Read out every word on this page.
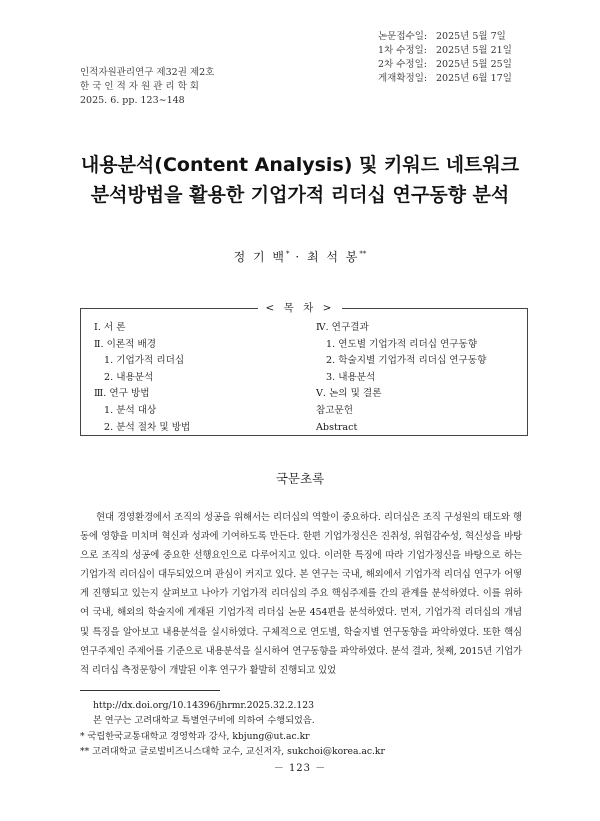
인적자원관리연구 제32권 제2호
한 국 인 적 자 원 관 리 학 회
2025. 6. pp. 123∼148
논문접수일: 2025년 5월 7일
1차 수정일: 2025년 5월 21일
2차 수정일: 2025년 5월 25일
게재확정일: 2025년 6월 17일
내용분석(Content Analysis) 및 키워드 네트워크
분석방법을 활용한 기업가적 리더십 연구동향 분석
정 기 백* · 최 석 봉**
< 목 차 >
Ⅰ. 서 론
Ⅱ. 이론적 배경
1. 기업가적 리더십
2. 내용분석
Ⅲ. 연구 방법
1. 분석 대상
2. 분석 절차 및 방법
Ⅳ. 연구결과
1. 연도별 기업가적 리더십 연구동향
2. 학술지별 기업가적 리더십 연구동향
3. 내용분석
Ⅴ. 논의 및 결론
참고문헌
Abstract
국문초록
현대 경영환경에서 조직의 성공을 위해서는 리더십의 역할이 중요하다. 리더십은 조직 구성원의 태도와 행동에 영향을 미치며 혁신과 성과에 기여하도록 만든다. 한편 기업가정신은 진취성, 위험감수성, 혁신성을 바탕으로 조직의 성공에 중요한 선행요인으로 다루어지고 있다. 이러한 특징에 따라 기업가정신을 바탕으로 하는 기업가적 리더십이 대두되었으며 관심이 커지고 있다. 본 연구는 국내, 해외에서 기업가적 리더십 연구가 어떻게 진행되고 있는지 살펴보고 나아가 기업가적 리더십의 주요 핵심주제를 간의 관계를 분석하였다. 이를 위하여 국내, 해외의 학술지에 게재된 기업가적 리더십 논문 454편을 분석하였다. 먼저, 기업가적 리더십의 개념 및 특징을 알아보고 내용분석을 실시하였다. 구체적으로 연도별, 학술지별 연구동향을 파악하였다. 또한 핵심 연구주제인 주제어를 기준으로 내용분석을 실시하여 연구동향을 파악하였다. 분석 결과, 첫째, 2015년 기업가적 리더십 측정문항이 개발된 이후 연구가 활발히 진행되고 있었
http://dx.doi.org/10.14396/jhrmr.2025.32.2.123
본 연구는 고려대학교 특별연구비에 의하여 수행되었음.
* 국립한국교통대학교 경영학과 강사, kbjung@ut.ac.kr
** 고려대학교 글로벌비즈니스대학 교수, 교신저자, sukchoi@korea.ac.kr
－ 123 －
